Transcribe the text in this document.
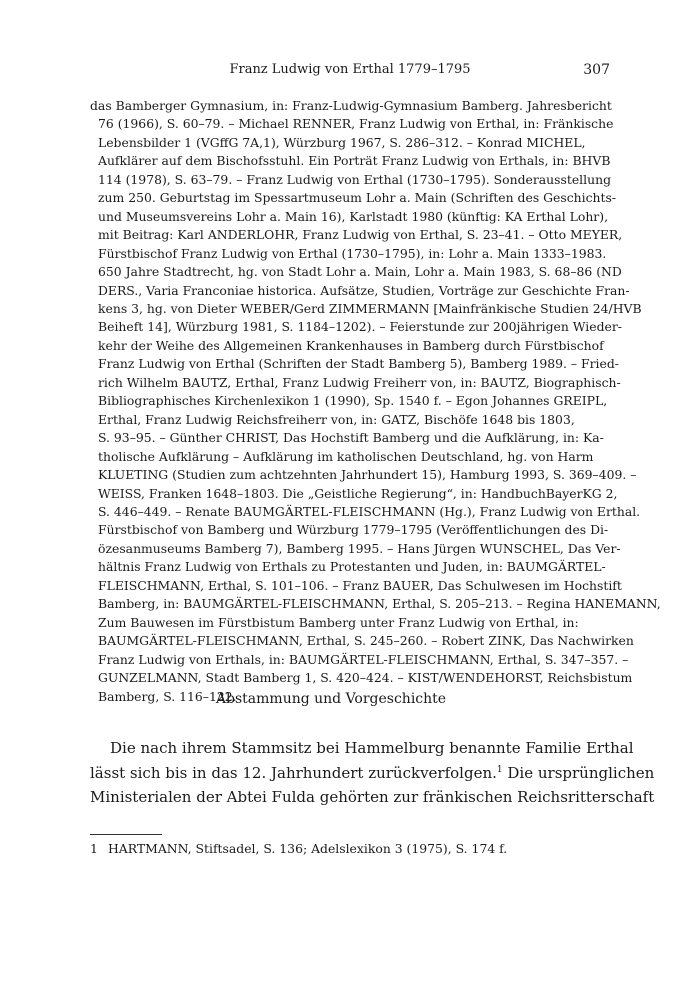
Franz Ludwig von Erthal 1779–1795	307
das Bamberger Gymnasium, in: Franz-Ludwig-Gymnasium Bamberg. Jahresbericht
76 (1966), S. 60–79. – Michael RENNER, Franz Ludwig von Erthal, in: Fränkische
Lebensbilder 1 (VGffG 7A,1), Würzburg 1967, S. 286–312. – Konrad MICHEL,
Aufklärer auf dem Bischofsstuhl. Ein Porträt Franz Ludwig von Erthals, in: BHVB
114 (1978), S. 63–79. – Franz Ludwig von Erthal (1730–1795). Sonderausstellung
zum 250. Geburtstag im Spessartmuseum Lohr a. Main (Schriften des Geschichts-
und Museumsvereins Lohr a. Main 16), Karlstadt 1980 (künftig: KA Erthal Lohr),
mit Beitrag: Karl ANDERLOHR, Franz Ludwig von Erthal, S. 23–41. – Otto MEYER,
Fürstbischof Franz Ludwig von Erthal (1730–1795), in: Lohr a. Main 1333–1983.
650 Jahre Stadtrecht, hg. von Stadt Lohr a. Main, Lohr a. Main 1983, S. 68–86 (ND
DERS., Varia Franconiae historica. Aufsätze, Studien, Vorträge zur Geschichte Fran-
kens 3, hg. von Dieter WEBER/Gerd ZIMMERMANN [Mainfränkische Studien 24/HVB
Beiheft 14], Würzburg 1981, S. 1184–1202). – Feierstunde zur 200jährigen Wieder-
kehr der Weihe des Allgemeinen Krankenhauses in Bamberg durch Fürstbischof
Franz Ludwig von Erthal (Schriften der Stadt Bamberg 5), Bamberg 1989. – Fried-
rich Wilhelm BAUTZ, Erthal, Franz Ludwig Freiherr von, in: BAUTZ, Biographisch-
Bibliographisches Kirchenlexikon 1 (1990), Sp. 1540 f. – Egon Johannes GREIPL,
Erthal, Franz Ludwig Reichsfreiherr von, in: GATZ, Bischöfe 1648 bis 1803,
S. 93–95. – Günther CHRIST, Das Hochstift Bamberg und die Aufklärung, in: Ka-
tholische Aufklärung – Aufklärung im katholischen Deutschland, hg. von Harm
KLUETING (Studien zum achtzehnten Jahrhundert 15), Hamburg 1993, S. 369–409. –
WEISS, Franken 1648–1803. Die „Geistliche Regierung“, in: HandbuchBayerKG 2,
S. 446–449. – Renate BAUMGÄRTEL-FLEISCHMANN (Hg.), Franz Ludwig von Erthal.
Fürstbischof von Bamberg und Würzburg 1779–1795 (Veröffentlichungen des Di-
özesanmuseums Bamberg 7), Bamberg 1995. – Hans Jürgen WUNSCHEL, Das Ver-
hältnis Franz Ludwig von Erthals zu Protestanten und Juden, in: BAUMGÄRTEL-
FLEISCHMANN, Erthal, S. 101–106. – Franz BAUER, Das Schulwesen im Hochstift
Bamberg, in: BAUMGÄRTEL-FLEISCHMANN, Erthal, S. 205–213. – Regina HANEMANN,
Zum Bauwesen im Fürstbistum Bamberg unter Franz Ludwig von Erthal, in:
BAUMGÄRTEL-FLEISCHMANN, Erthal, S. 245–260. – Robert ZINK, Das Nachwirken
Franz Ludwig von Erthals, in: BAUMGÄRTEL-FLEISCHMANN, Erthal, S. 347–357. –
GUNZELMANN, Stadt Bamberg 1, S. 420–424. – KIST/WENDEHORST, Reichsbistum
Bamberg, S. 116–122.
Abstammung und Vorgeschichte
Die nach ihrem Stammsitz bei Hammelburg benannte Familie Erthal
lässt sich bis in das 12. Jahrhundert zurückverfolgen.$^1$ Die ursprünglichen
Ministerialen der Abtei Fulda gehörten zur fränkischen Reichsritterschaft
1 HARTMANN, Stiftsadel, S. 136; Adelslexikon 3 (1975), S. 174 f.
